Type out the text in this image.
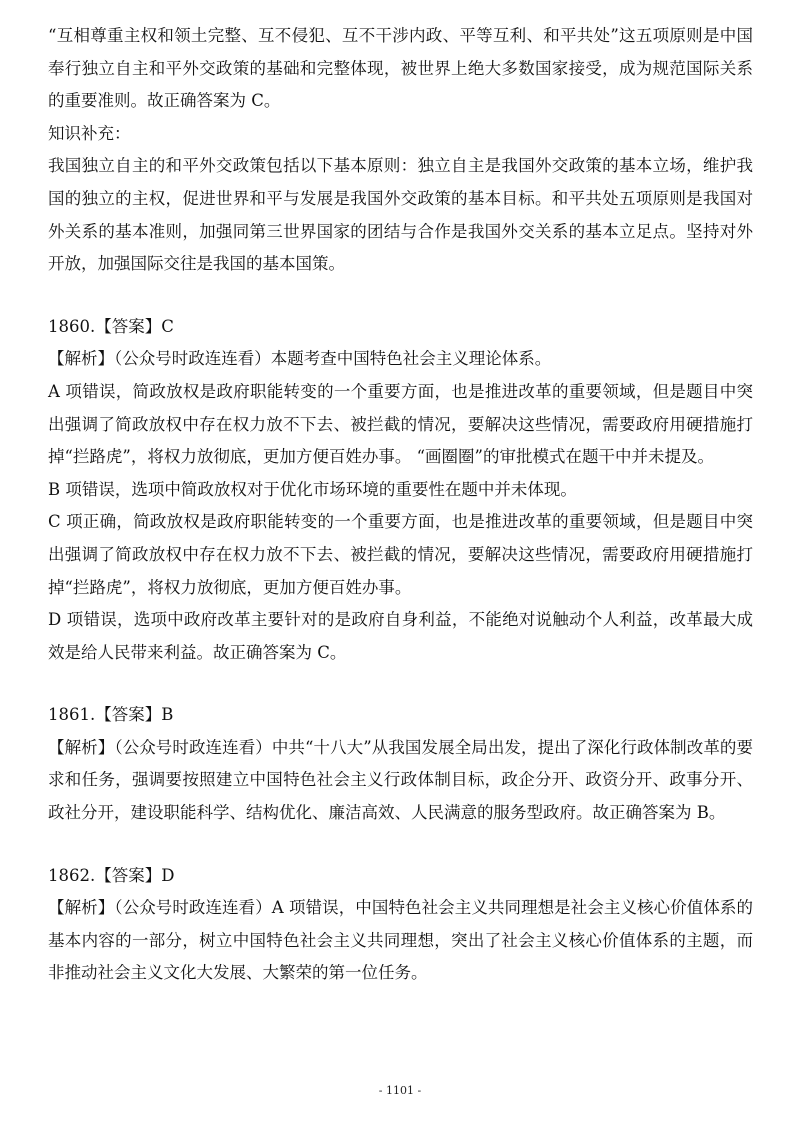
“互相尊重主权和领土完整、互不侵犯、互不干涉内政、平等互利、和平共处”这五项原则是中国奉行独立自主和平外交政策的基础和完整体现，被世界上绝大多数国家接受，成为规范国际关系的重要准则。故正确答案为 C。

知识补充：

我国独立自主的和平外交政策包括以下基本原则：独立自主是我国外交政策的基本立场，维护我国的独立的主权，促进世界和平与发展是我国外交政策的基本目标。和平共处五项原则是我国对外关系的基本准则，加强同第三世界国家的团结与合作是我国外交关系的基本立足点。坚持对外开放，加强国际交往是我国的基本国策。

1860.【答案】C

【解析】（公众号时政连连看）本题考查中国特色社会主义理论体系。

A 项错误，简政放权是政府职能转变的一个重要方面，也是推进改革的重要领域，但是题目中突出强调了简政放权中存在权力放不下去、被拦截的情况，要解决这些情况，需要政府用硬措施打掉“拦路虎”，将权力放彻底，更加方便百姓办事。 “画圈圈”的审批模式在题干中并未提及。

B 项错误，选项中简政放权对于优化市场环境的重要性在题中并未体现。

C 项正确，简政放权是政府职能转变的一个重要方面，也是推进改革的重要领域，但是题目中突出强调了简政放权中存在权力放不下去、被拦截的情况，要解决这些情况，需要政府用硬措施打掉“拦路虎”，将权力放彻底，更加方便百姓办事。

D 项错误，选项中政府改革主要针对的是政府自身利益，不能绝对说触动个人利益，改革最大成效是给人民带来利益。故正确答案为 C。

1861.【答案】B

【解析】（公众号时政连连看）中共“十八大”从我国发展全局出发，提出了深化行政体制改革的要求和任务，强调要按照建立中国特色社会主义行政体制目标，政企分开、政资分开、政事分开、政社分开，建设职能科学、结构优化、廉洁高效、人民满意的服务型政府。故正确答案为 B。

1862.【答案】D

【解析】（公众号时政连连看）A 项错误，中国特色社会主义共同理想是社会主义核心价值体系的基本内容的一部分，树立中国特色社会主义共同理想，突出了社会主义核心价值体系的主题，而非推动社会主义文化大发展、大繁荣的第一位任务。

- 1101 -
